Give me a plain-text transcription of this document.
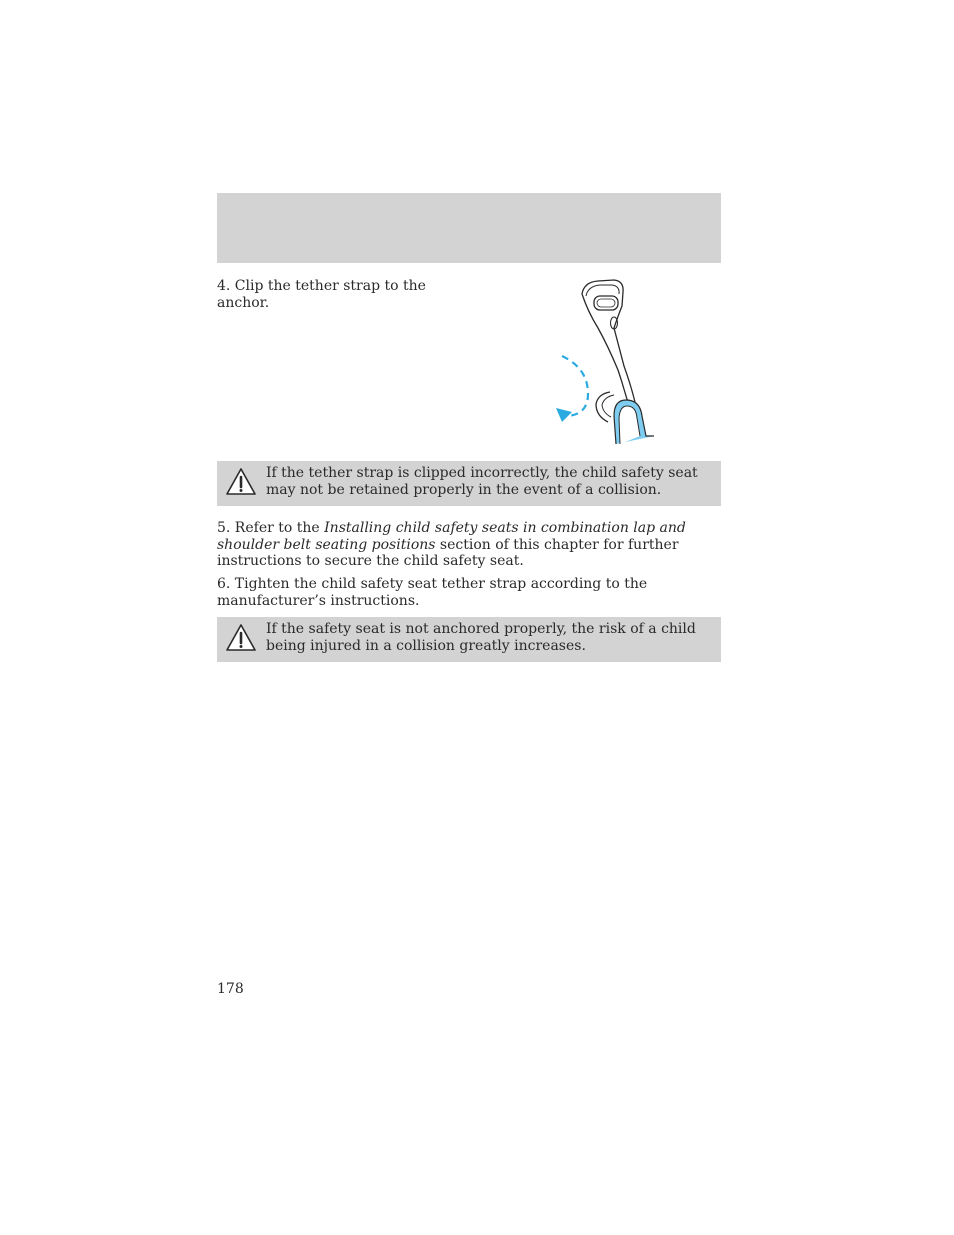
4. Clip the tether strap to the anchor.

If the tether strap is clipped incorrectly, the child safety seat may not be retained properly in the event of a collision.

5. Refer to the Installing child safety seats in combination lap and shoulder belt seating positions section of this chapter for further instructions to secure the child safety seat.

6. Tighten the child safety seat tether strap according to the manufacturer’s instructions.

If the safety seat is not anchored properly, the risk of a child being injured in a collision greatly increases.

178
